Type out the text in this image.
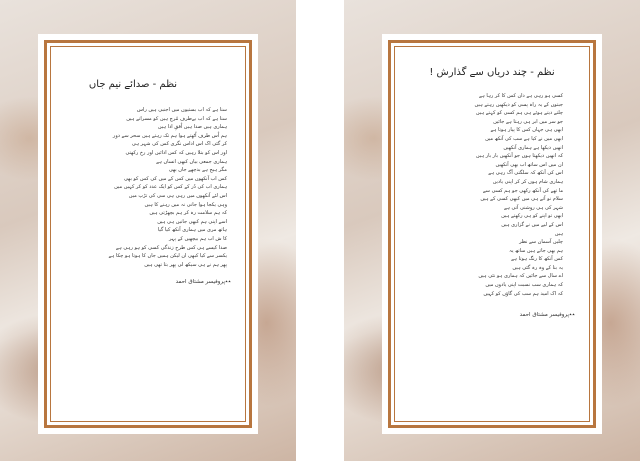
نظم - صدائے نیم جاں
سنا ہے کہ اب بستیوں میں اجنبی ہیں راس
سنا ہے کہ اب بےطرف مُرچ ہیں کو مسراتے ہیں
ہماری ہیں صدا ہیں اُفقِ ادا ہیں
ہم اُس طرف اُٹھتے ہوا ہم تک رہتے ہیں سحر سے دور
کر گئی اک اس اداس نگری کس کی شہر ہی
اور اس کو بتلا رہیں کہ کس ادائیں اور رخ رکھتی
ہماری جمعی بیاں کبھی انساں ہے
مگر ہیج ہے بدچھے جاں بھی
کس اب آنکھوں میں کس کے میں کی کس کو بھی
ہماری اب کی دُر کے کس کو ایک عدد کو کر کہیں میں
اس لئے آنکھوں میں رہی ہی سی کی تڑپ میں
وہی یکجا ہوا جانی نہ میں رہنے کا ہیں
کہ ہم سلامت رہ کر ہم بچھڑتی ہیں
اسے اپنی ہم کبھی جانیں ہی ہیں
ہاتھ مری میں ہماری آنکھ کیا گیا
کا ش اب ہم بیچھیں کے پہر
صدا کیسے ہی کس طرح زندگی کسی کو ہو رہی ہے
یکسر سے کیا کبھی ان لیکن ہمیں جاں کا ہوتا ہو چکا ہے
پھر ہم نے ہی سیکھ لی پھر بتا تھی ہیں
٭٭پروفیسر مشتاق احمد
نظم - چند دریاں سے گذارش !
کسی ہو رہی ہے دان کس کا کر رہا ہے
جبتوں کے یہ راہ پسی کو دیکھیں رہتے ہیں
چلتے دیتے ہوئے ہی ہم کسی کو کہتے ہیں
جو سر میں ابر ہی رہتا ہے جائیں
ابھی ہی جہاں کس کا پیار ہوتا ہے
ابھی میں نے کیا ہے سب کی آنکھ میں
انھیں دیکھا ہے ہماری آنکھیں
کہ انھیں دیکھتا ہوں جو آنکھیں بار بار ہیں
ان میں اس ساتھ اب بھی آنکھیں
اس کی آنکھ کہ سلگتی آگ رہی ہے
ہماری شام ہوں کر کر اپنی یادیں
ما تھے کی آنکھ رکھی جو ہم کسی سے
سلام نو آتے ہی میں کبھی کسی کے ہیں
شہر کی ہی روشنی آتی ہے
ابھی تو اپنے کو ہی رکھتے ہیں
اس کے لیے میں نے گزاری ہیں
ہیں
چلیں آسمان سے نظر
ہم بھی جاتے ہیں ساتھ یہ
کس آنکھ کا رنگ ہوتا ہے
یہ بنا کے وہ رہ گئی ہیں
اے سال سے جائیں کہ ہماری ہو نئی ہیں
کہ ہماری سب نسبت اپنی یادوں میں
کہ اک امید ہم سب کی گاؤں کو کہیں
٭٭پروفیسر مشتاق احمد
